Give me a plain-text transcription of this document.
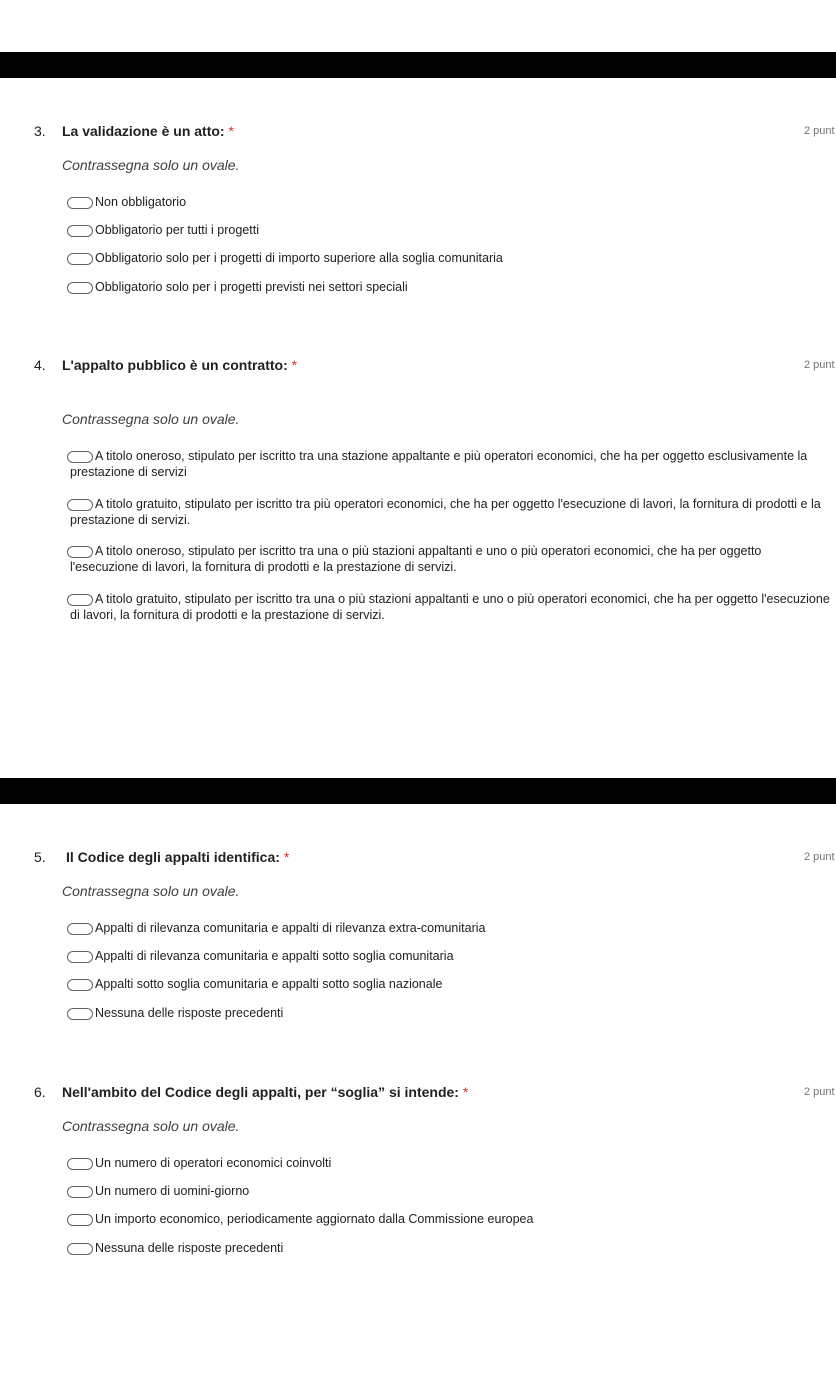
3. La validazione è un atto: *	2 punt
Contrassegna solo un ovale.
Non obbligatorio
Obbligatorio per tutti i progetti
Obbligatorio solo per i progetti di importo superiore alla soglia comunitaria
Obbligatorio solo per i progetti previsti nei settori speciali
4. L'appalto pubblico è un contratto: *	2 punt
Contrassegna solo un ovale.
A titolo oneroso, stipulato per iscritto tra una stazione appaltante e più operatori economici, che ha per oggetto esclusivamente la prestazione di servizi
A titolo gratuito, stipulato per iscritto tra più operatori economici, che ha per oggetto l'esecuzione di lavori, la fornitura di prodotti e la prestazione di servizi.
A titolo oneroso, stipulato per iscritto tra una o più stazioni appaltanti e uno o più operatori economici, che ha per oggetto l'esecuzione di lavori, la fornitura di prodotti e la prestazione di servizi.
A titolo gratuito, stipulato per iscritto tra una o più stazioni appaltanti e uno o più operatori economici, che ha per oggetto l'esecuzione di lavori, la fornitura di prodotti e la prestazione di servizi.
5. Il Codice degli appalti identifica: *	2 punt
Contrassegna solo un ovale.
Appalti di rilevanza comunitaria e appalti di rilevanza extra-comunitaria
Appalti di rilevanza comunitaria e appalti sotto soglia comunitaria
Appalti sotto soglia comunitaria e appalti sotto soglia nazionale
Nessuna delle risposte precedenti
6. Nell'ambito del Codice degli appalti, per “soglia” si intende: *	2 punt
Contrassegna solo un ovale.
Un numero di operatori economici coinvolti
Un numero di uomini-giorno
Un importo economico, periodicamente aggiornato dalla Commissione europea
Nessuna delle risposte precedenti
